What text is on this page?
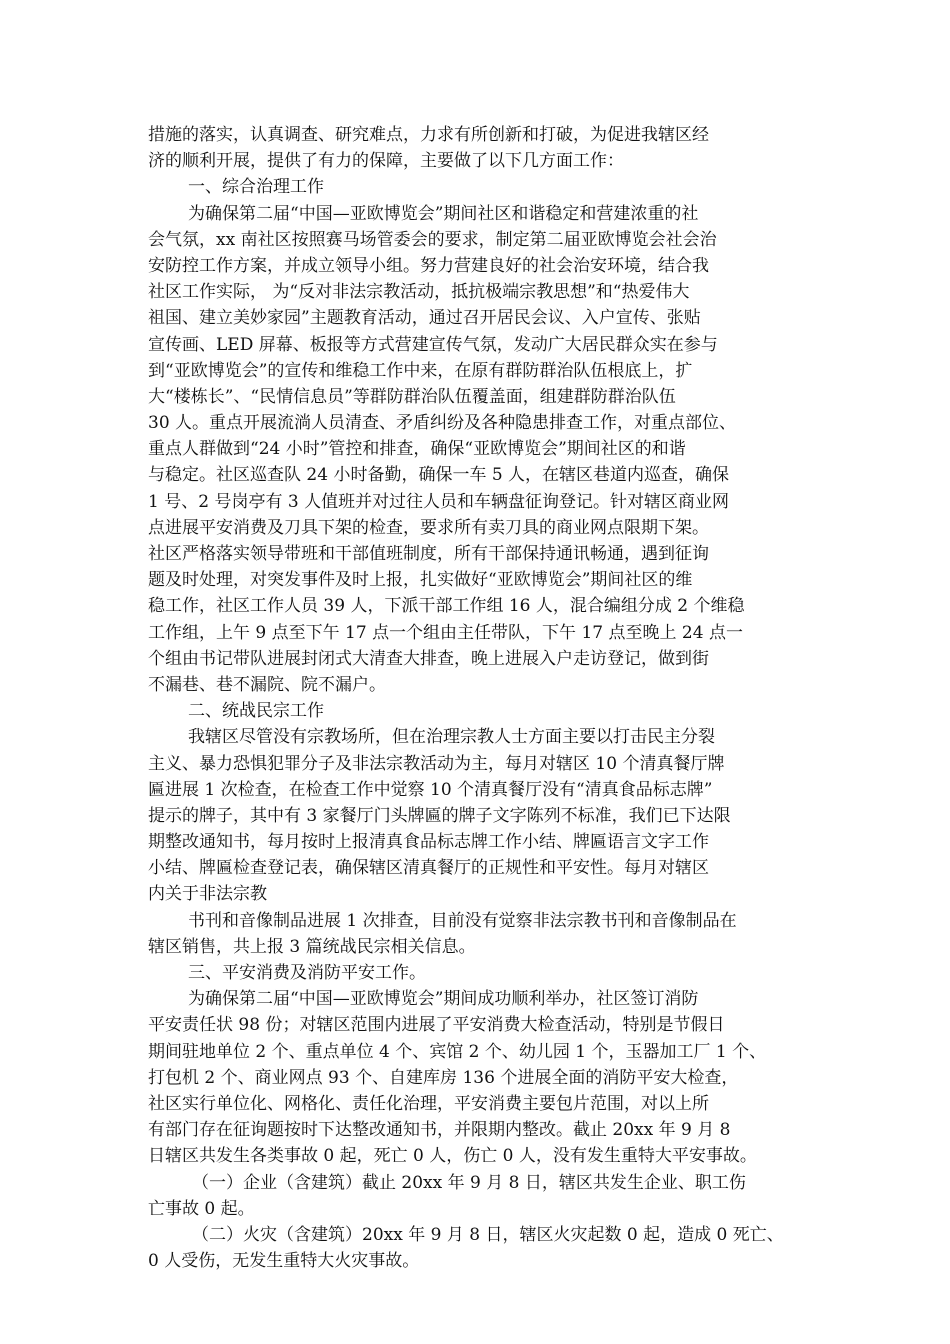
措施的落实，认真调查、研究难点，力求有所创新和打破，为促进我辖区经
济的顺利开展，提供了有力的保障，主要做了以下几方面工作：
一、综合治理工作
为确保第二届“中国—亚欧博览会”期间社区和谐稳定和营建浓重的社
会气氛，xx 南社区按照赛马场管委会的要求，制定第二届亚欧博览会社会治
安防控工作方案，并成立领导小组。努力营建良好的社会治安环境，结合我
社区工作实际， 为“反对非法宗教活动，抵抗极端宗教思想”和“热爱伟大
祖国、建立美妙家园”主题教育活动，通过召开居民会议、入户宣传、张贴
宣传画、LED 屏幕、板报等方式营建宣传气氛，发动广大居民群众实在参与
到“亚欧博览会”的宣传和维稳工作中来，在原有群防群治队伍根底上，扩
大“楼栋长”、“民情信息员”等群防群治队伍覆盖面，组建群防群治队伍
30 人。重点开展流淌人员清查、矛盾纠纷及各种隐患排查工作，对重点部位、
重点人群做到“24 小时”管控和排查，确保“亚欧博览会”期间社区的和谐
与稳定。社区巡查队 24 小时备勤，确保一车 5 人，在辖区巷道内巡查，确保
1 号、2 号岗亭有 3 人值班并对过往人员和车辆盘征询登记。针对辖区商业网
点进展平安消费及刀具下架的检查，要求所有卖刀具的商业网点限期下架。
社区严格落实领导带班和干部值班制度，所有干部保持通讯畅通，遇到征询
题及时处理，对突发事件及时上报，扎实做好“亚欧博览会”期间社区的维
稳工作，社区工作人员 39 人，下派干部工作组 16 人，混合编组分成 2 个维稳
工作组，上午 9 点至下午 17 点一个组由主任带队，下午 17 点至晚上 24 点一
个组由书记带队进展封闭式大清查大排查，晚上进展入户走访登记，做到街
不漏巷、巷不漏院、院不漏户。
二、统战民宗工作
我辖区尽管没有宗教场所，但在治理宗教人士方面主要以打击民主分裂
主义、暴力恐惧犯罪分子及非法宗教活动为主，每月对辖区 10 个清真餐厅牌
匾进展 1 次检查，在检查工作中觉察 10 个清真餐厅没有“清真食品标志牌”
提示的牌子，其中有 3 家餐厅门头牌匾的牌子文字陈列不标准，我们已下达限
期整改通知书，每月按时上报清真食品标志牌工作小结、牌匾语言文字工作
小结、牌匾检查登记表，确保辖区清真餐厅的正规性和平安性。每月对辖区
内关于非法宗教
书刊和音像制品进展 1 次排查，目前没有觉察非法宗教书刊和音像制品在
辖区销售，共上报 3 篇统战民宗相关信息。
三、平安消费及消防平安工作。
为确保第二届“中国—亚欧博览会”期间成功顺利举办，社区签订消防
平安责任状 98 份；对辖区范围内进展了平安消费大检查活动，特别是节假日
期间驻地单位 2 个、重点单位 4 个、宾馆 2 个、幼儿园 1 个，玉器加工厂 1 个、
打包机 2 个、商业网点 93 个、自建库房 136 个进展全面的消防平安大检查，
社区实行单位化、网格化、责任化治理，平安消费主要包片范围，对以上所
有部门存在征询题按时下达整改通知书，并限期内整改。截止 20xx 年 9 月 8
日辖区共发生各类事故 0 起，死亡 0 人，伤亡 0 人，没有发生重特大平安事故。
（一）企业（含建筑）截止 20xx 年 9 月 8 日，辖区共发生企业、职工伤
亡事故 0 起。
（二）火灾（含建筑）20xx 年 9 月 8 日，辖区火灾起数 0 起，造成 0 死亡、
0 人受伤，无发生重特大火灾事故。
